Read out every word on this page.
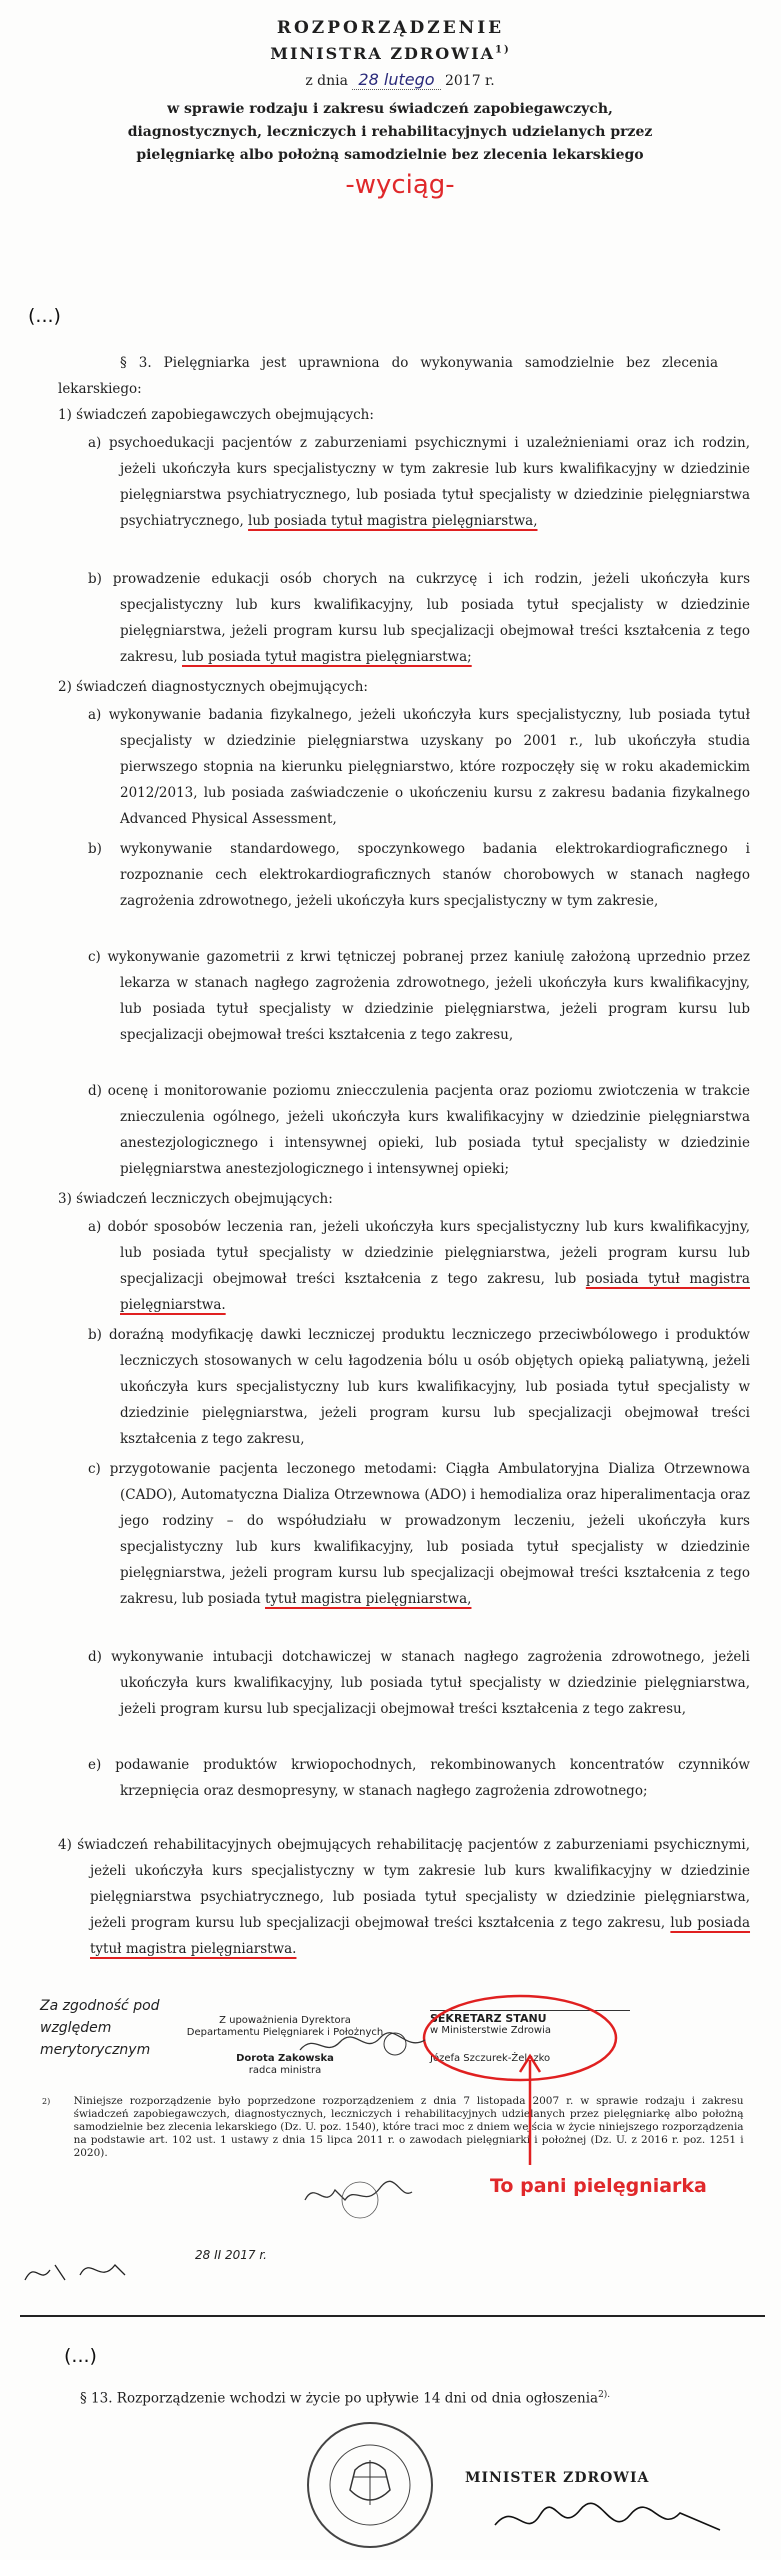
ROZPORZĄDZENIE
MINISTRA ZDROWIA$^{1)}$
z dnia 28 lutego 2017 r.
w sprawie rodzaju i zakresu świadczeń zapobiegawczych, diagnostycznych, leczniczych i rehabilitacyjnych udzielanych przez pielęgniarkę albo położną samodzielnie bez zlecenia lekarskiego
-wyciąg-
(...)
§ 3. Pielęgniarka jest uprawniona do wykonywania samodzielnie bez zlecenia lekarskiego:
1) świadczeń zapobiegawczych obejmujących:
a) psychoedukacji pacjentów z zaburzeniami psychicznymi i uzależnieniami oraz ich rodzin, jeżeli ukończyła kurs specjalistyczny w tym zakresie lub kurs kwalifikacyjny w dziedzinie pielęgniarstwa psychiatrycznego, lub posiada tytuł specjalisty w dziedzinie pielęgniarstwa psychiatrycznego, lub posiada tytuł magistra pielęgniarstwa,
b) prowadzenie edukacji osób chorych na cukrzycę i ich rodzin, jeżeli ukończyła kurs specjalistyczny lub kurs kwalifikacyjny, lub posiada tytuł specjalisty w dziedzinie pielęgniarstwa, jeżeli program kursu lub specjalizacji obejmował treści kształcenia z tego zakresu, lub posiada tytuł magistra pielęgniarstwa;
2) świadczeń diagnostycznych obejmujących:
a) wykonywanie badania fizykalnego, jeżeli ukończyła kurs specjalistyczny, lub posiada tytuł specjalisty w dziedzinie pielęgniarstwa uzyskany po 2001 r., lub ukończyła studia pierwszego stopnia na kierunku pielęgniarstwo, które rozpoczęły się w roku akademickim 2012/2013, lub posiada zaświadczenie o ukończeniu kursu z zakresu badania fizykalnego Advanced Physical Assessment,
b) wykonywanie standardowego, spoczynkowego badania elektrokardiograficznego i rozpoznanie cech elektrokardiograficznych stanów chorobowych w stanach nagłego zagrożenia zdrowotnego, jeżeli ukończyła kurs specjalistyczny w tym zakresie,
c) wykonywanie gazometrii z krwi tętniczej pobranej przez kaniulę założoną uprzednio przez lekarza w stanach nagłego zagrożenia zdrowotnego, jeżeli ukończyła kurs kwalifikacyjny, lub posiada tytuł specjalisty w dziedzinie pielęgniarstwa, jeżeli program kursu lub specjalizacji obejmował treści kształcenia z tego zakresu,
d) ocenę i monitorowanie poziomu zniecczulenia pacjenta oraz poziomu zwiotczenia w trakcie znieczulenia ogólnego, jeżeli ukończyła kurs kwalifikacyjny w dziedzinie pielęgniarstwa anestezjologicznego i intensywnej opieki, lub posiada tytuł specjalisty w dziedzinie pielęgniarstwa anestezjologicznego i intensywnej opieki;
3) świadczeń leczniczych obejmujących:
a) dobór sposobów leczenia ran, jeżeli ukończyła kurs specjalistyczny lub kurs kwalifikacyjny, lub posiada tytuł specjalisty w dziedzinie pielęgniarstwa, jeżeli program kursu lub specjalizacji obejmował treści kształcenia z tego zakresu, lub posiada tytuł magistra pielęgniarstwa.
b) doraźną modyfikację dawki leczniczej produktu leczniczego przeciwbólowego i produktów leczniczych stosowanych w celu łagodzenia bólu u osób objętych opieką paliatywną, jeżeli ukończyła kurs specjalistyczny lub kurs kwalifikacyjny, lub posiada tytuł specjalisty w dziedzinie pielęgniarstwa, jeżeli program kursu lub specjalizacji obejmował treści kształcenia z tego zakresu,
c) przygotowanie pacjenta leczonego metodami: Ciągła Ambulatoryjna Dializa Otrzewnowa (CADO), Automatyczna Dializa Otrzewnowa (ADO) i hemodializa oraz hiperalimentacja oraz jego rodziny – do współudziału w prowadzonym leczeniu, jeżeli ukończyła kurs specjalistyczny lub kurs kwalifikacyjny, lub posiada tytuł specjalisty w dziedzinie pielęgniarstwa, jeżeli program kursu lub specjalizacji obejmował treści kształcenia z tego zakresu, lub posiada tytuł magistra pielęgniarstwa,
d) wykonywanie intubacji dotchawiczej w stanach nagłego zagrożenia zdrowotnego, jeżeli ukończyła kurs kwalifikacyjny, lub posiada tytuł specjalisty w dziedzinie pielęgniarstwa, jeżeli program kursu lub specjalizacji obejmował treści kształcenia z tego zakresu,
e) podawanie produktów krwiopochodnych, rekombinowanych koncentratów czynników krzepnięcia oraz desmopresyny, w stanach nagłego zagrożenia zdrowotnego;
4) świadczeń rehabilitacyjnych obejmujących rehabilitację pacjentów z zaburzeniami psychicznymi, jeżeli ukończyła kurs specjalistyczny w tym zakresie lub kurs kwalifikacyjny w dziedzinie pielęgniarstwa psychiatrycznego, lub posiada tytuł specjalisty w dziedzinie pielęgniarstwa, jeżeli program kursu lub specjalizacji obejmował treści kształcenia z tego zakresu, lub posiada tytuł magistra pielęgniarstwa.
Za zgodność pod względem merytorycznym
Z upoważnienia Dyrektora
Departamentu Pielęgniarek i Położnych
Dorota Zakowska
radca ministra
SEKRETARZ STANU
w Ministerstwie Zdrowia
Józefa Szczurek-Żelazko
$^{2)}$ Niniejsze rozporządzenie było poprzedzone rozporządzeniem z dnia 7 listopada 2007 r. w sprawie rodzaju i zakresu świadczeń zapobiegawczych, diagnostycznych, leczniczych i rehabilitacyjnych udzielanych przez pielęgniarkę albo położną samodzielnie bez zlecenia lekarskiego (Dz. U. poz. 1540), które traci moc z dniem wejścia w życie niniejszego rozporządzenia na podstawie art. 102 ust. 1 ustawy z dnia 15 lipca 2011 r. o zawodach pielęgniarki i położnej (Dz. U. z 2016 r. poz. 1251 i 2020).
To pani pielęgniarka
28 II 2017 r.
(...)
§ 13. Rozporządzenie wchodzi w życie po upływie 14 dni od dnia ogłoszenia$^{2).}$
MINISTER ZDROWIA
